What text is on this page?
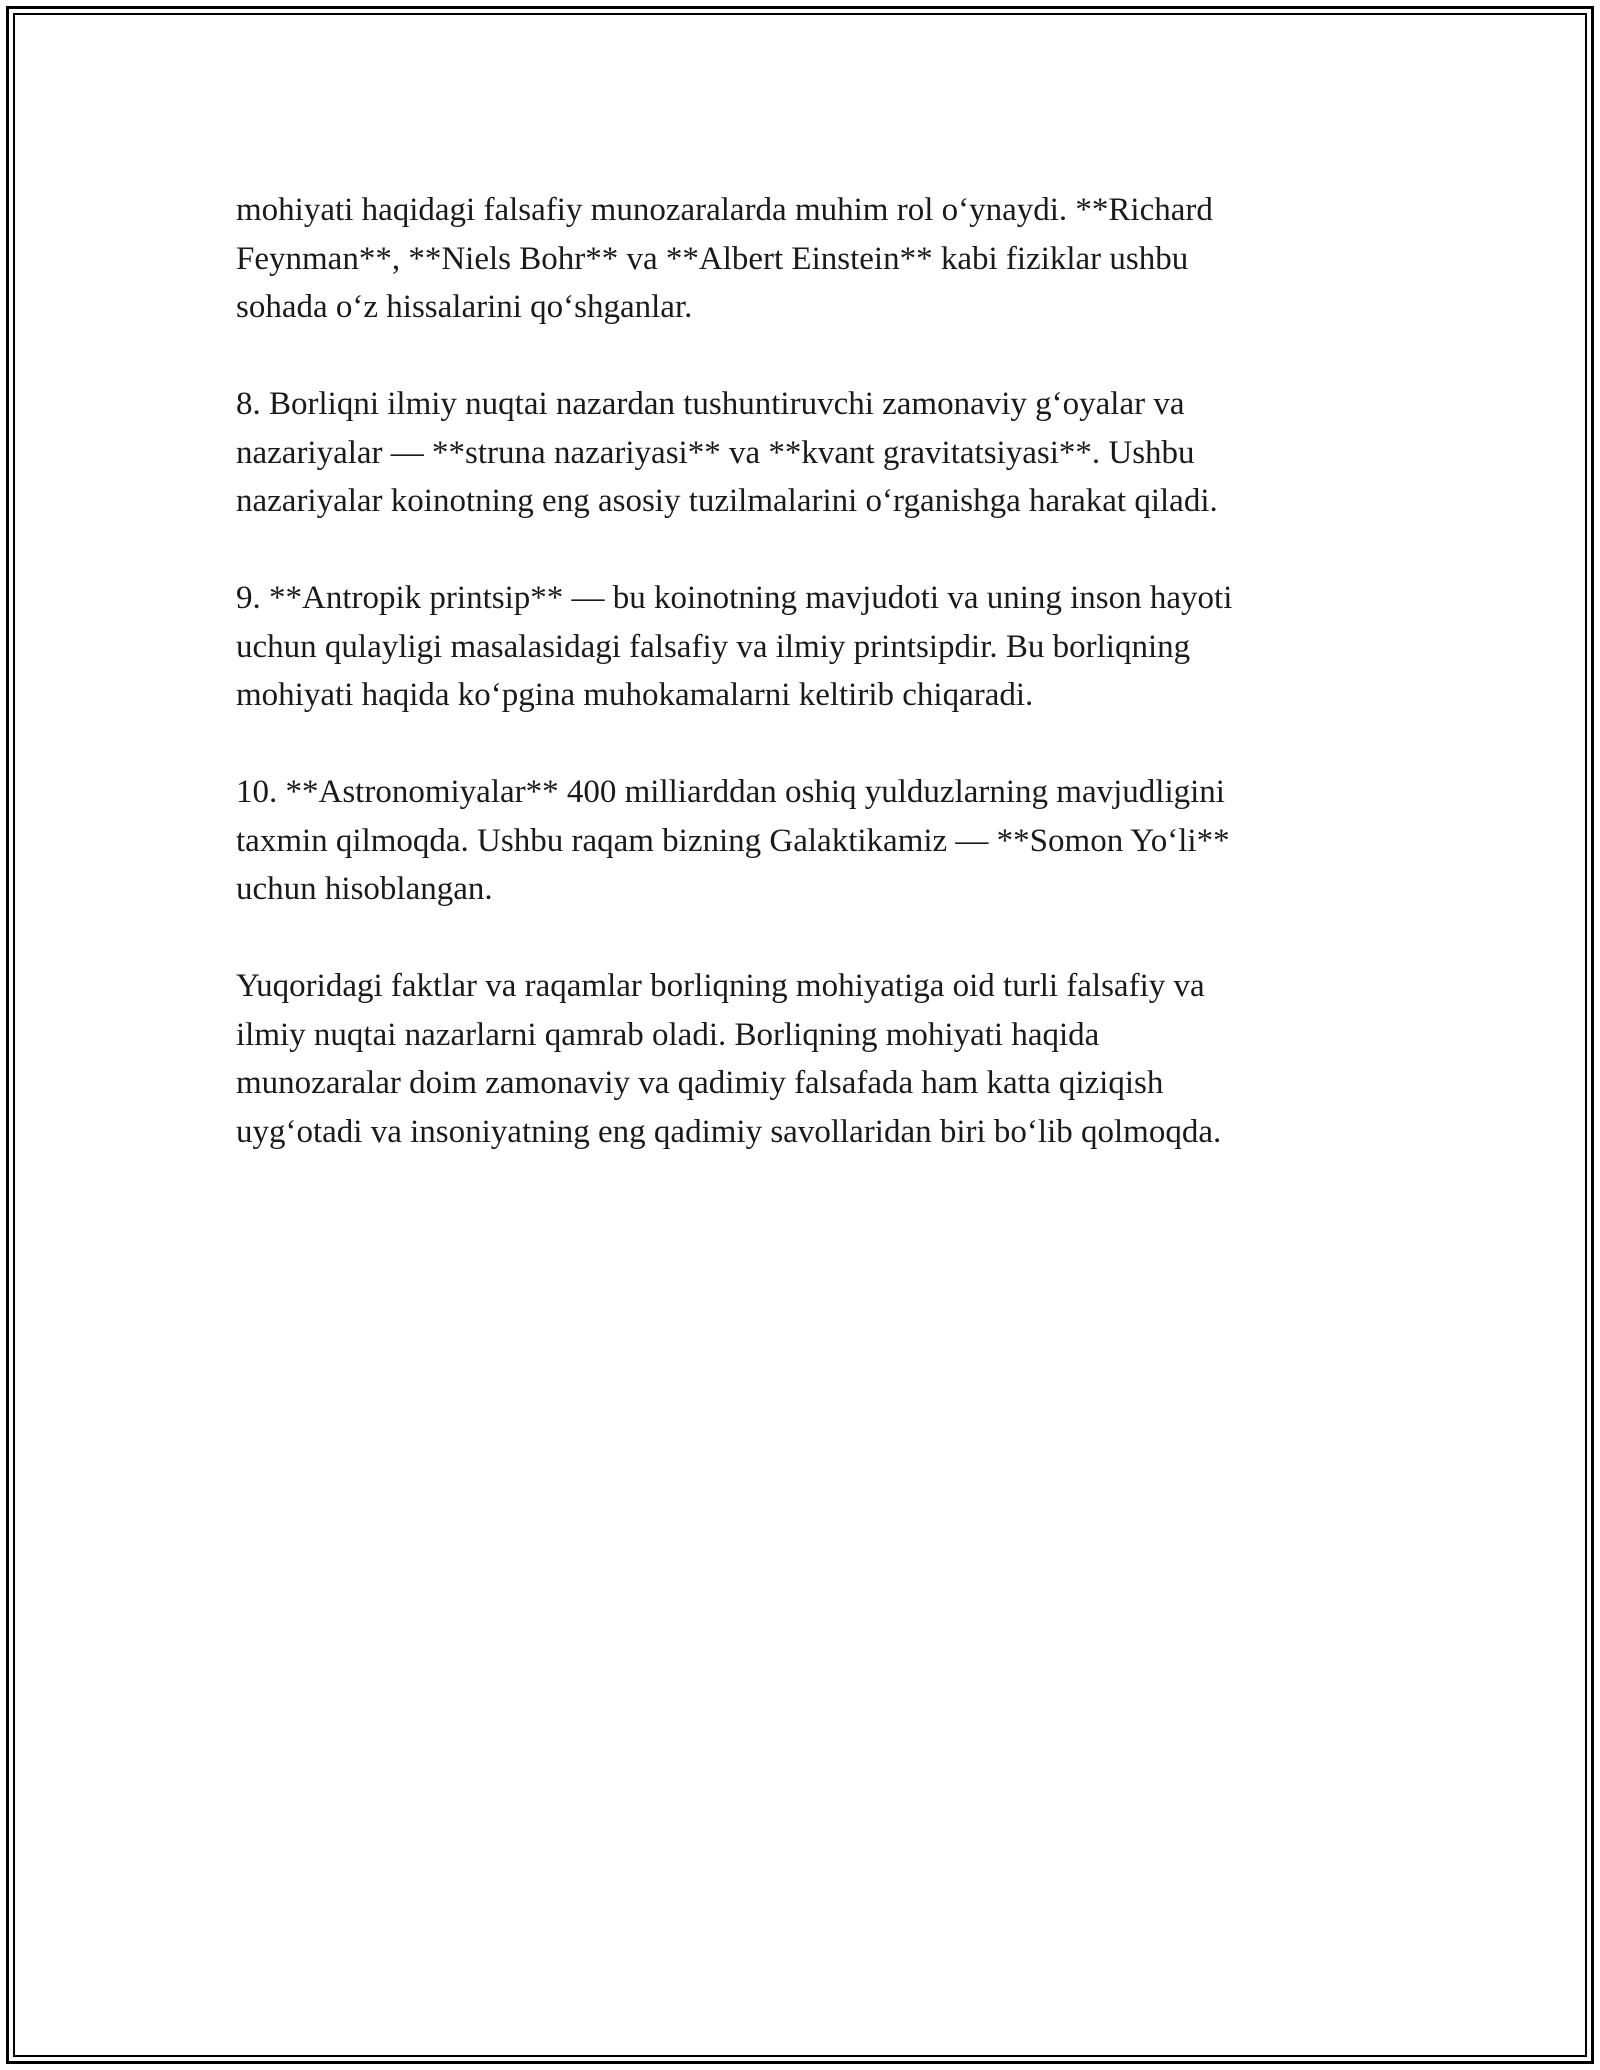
mohiyati haqidagi falsafiy munozaralarda muhim rol o‘ynaydi. **Richard
Feynman**, **Niels Bohr** va **Albert Einstein** kabi fiziklar ushbu
sohada o‘z hissalarini qo‘shganlar.

8. Borliqni ilmiy nuqtai nazardan tushuntiruvchi zamonaviy g‘oyalar va
nazariyalar — **struna nazariyasi** va **kvant gravitatsiyasi**. Ushbu
nazariyalar koinotning eng asosiy tuzilmalarini o‘rganishga harakat qiladi.

9. **Antropik printsip** — bu koinotning mavjudoti va uning inson hayoti
uchun qulayligi masalasidagi falsafiy va ilmiy printsipdir. Bu borliqning
mohiyati haqida ko‘pgina muhokamalarni keltirib chiqaradi.

10. **Astronomiyalar** 400 milliarddan oshiq yulduzlarning mavjudligini
taxmin qilmoqda. Ushbu raqam bizning Galaktikamiz — **Somon Yo‘li**
uchun hisoblangan.

Yuqoridagi faktlar va raqamlar borliqning mohiyatiga oid turli falsafiy va
ilmiy nuqtai nazarlarni qamrab oladi. Borliqning mohiyati haqida
munozaralar doim zamonaviy va qadimiy falsafada ham katta qiziqish
uyg‘otadi va insoniyatning eng qadimiy savollaridan biri bo‘lib qolmoqda.
